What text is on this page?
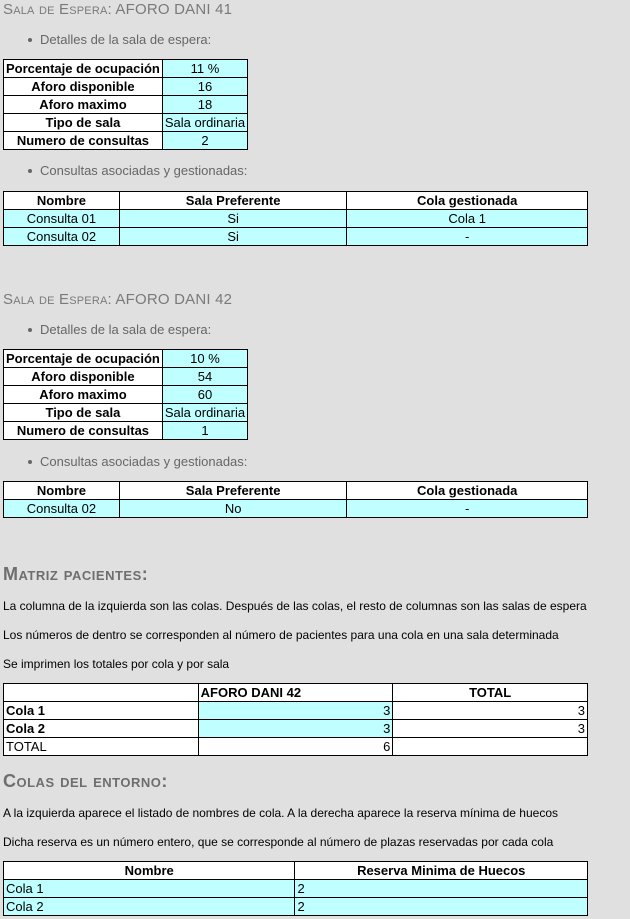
Sala de Espera: AFORO DANI 41
Detalles de la sala de espera:
Porcentaje de ocupación	11 %
Aforo disponible	16
Aforo maximo	18
Tipo de sala	Sala ordinaria
Numero de consultas	2
Consultas asociadas y gestionadas:
Nombre	Sala Preferente	Cola gestionada
Consulta 01	Si	Cola 1
Consulta 02	Si	-
Sala de Espera: AFORO DANI 42
Detalles de la sala de espera:
Porcentaje de ocupación	10 %
Aforo disponible	54
Aforo maximo	60
Tipo de sala	Sala ordinaria
Numero de consultas	1
Consultas asociadas y gestionadas:
Nombre	Sala Preferente	Cola gestionada
Consulta 02	No	-
Matriz pacientes:
La columna de la izquierda son las colas. Después de las colas, el resto de columnas son las salas de espera
Los números de dentro se corresponden al número de pacientes para una cola en una sala determinada
Se imprimen los totales por cola y por sala
	AFORO DANI 42	TOTAL
Cola 1	3	3
Cola 2	3	3
TOTAL	6	
Colas del entorno:
A la izquierda aparece el listado de nombres de cola. A la derecha aparece la reserva mínima de huecos
Dicha reserva es un número entero, que se corresponde al número de plazas reservadas por cada cola
Nombre	Reserva Minima de Huecos
Cola 1	2
Cola 2	2
